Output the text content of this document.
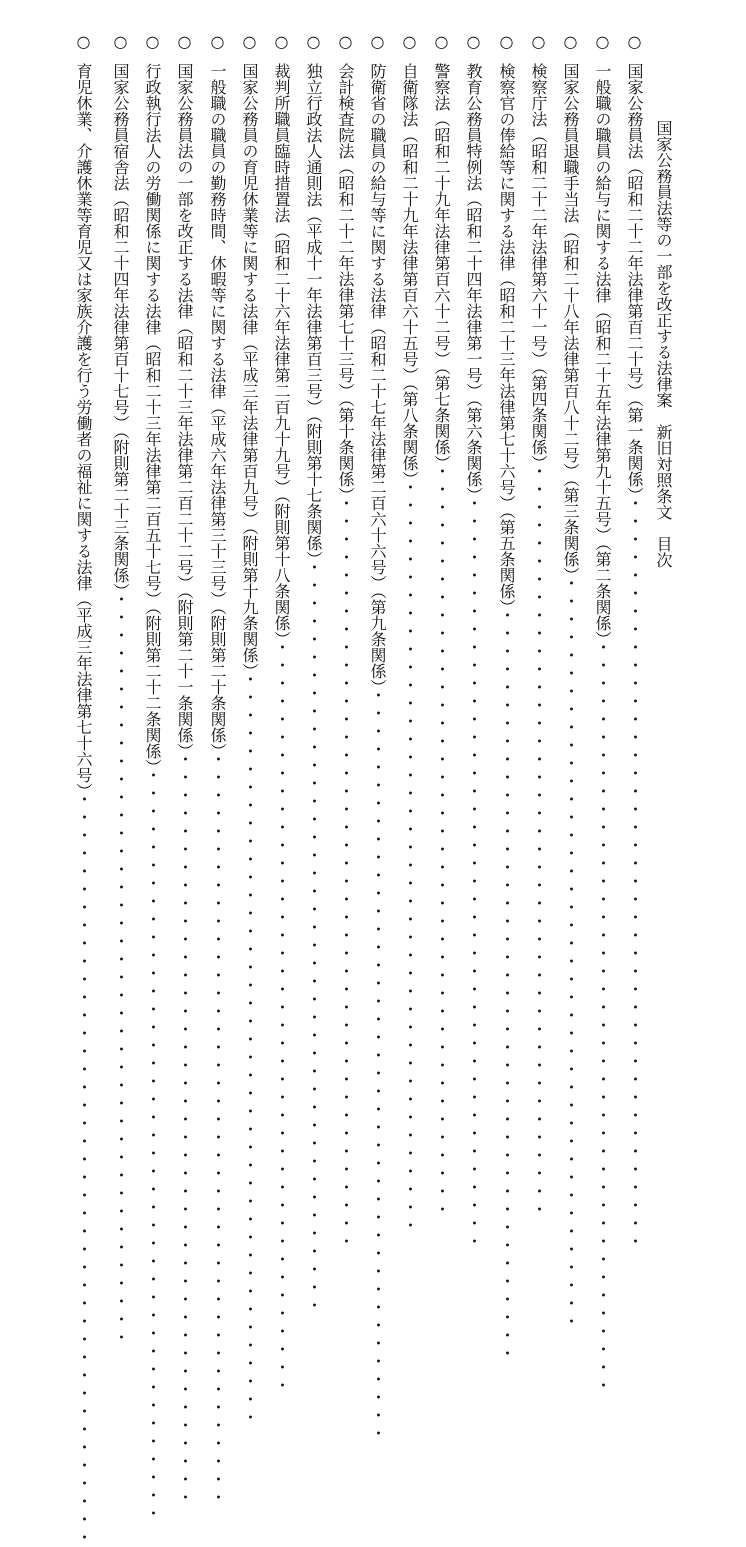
国家公務員法等の一部を改正する法律案　新旧対照条文　目次
○国家公務員法（昭和二十二年法律第百二十号）（第一条関係）・・・・・・・・・・・・・・・・・・・・・・・・・・・・・・・・・・・・・・・・・・
○一般職の職員の給与に関する法律（昭和二十五年法律第九十五号）（第二条関係）・・・・・・・・・・・・・・・・・・・・・・・・・・・・・・・・・・・・・・・・・・
○国家公務員退職手当法（昭和二十八年法律第百八十二号）（第三条関係）・・・・・・・・・・・・・・・・・・・・・・・・・・・・・・・・・・・・・・・・・・
○検察庁法（昭和二十二年法律第六十一号）（第四条関係）・・・・・・・・・・・・・・・・・・・・・・・・・・・・・・・・・・・・・・・・・・
○検察官の俸給等に関する法律（昭和二十三年法律第七十六号）（第五条関係）・・・・・・・・・・・・・・・・・・・・・・・・・・・・・・・・・・・・・・・・・・
○教育公務員特例法（昭和二十四年法律第一号）（第六条関係）・・・・・・・・・・・・・・・・・・・・・・・・・・・・・・・・・・・・・・・・・・
○警察法（昭和二十九年法律第百六十二号）（第七条関係）・・・・・・・・・・・・・・・・・・・・・・・・・・・・・・・・・・・・・・・・・・
○自衛隊法（昭和二十九年法律第百六十五号）（第八条関係）・・・・・・・・・・・・・・・・・・・・・・・・・・・・・・・・・・・・・・・・・・
○防衛省の職員の給与等に関する法律（昭和二十七年法律第二百六十六号）（第九条関係）・・・・・・・・・・・・・・・・・・・・・・・・・・・・・・・・・・・・・・・・・・
○会計検査院法（昭和二十二年法律第七十三号）（第十条関係）・・・・・・・・・・・・・・・・・・・・・・・・・・・・・・・・・・・・・・・・・・
○独立行政法人通則法（平成十一年法律第百三号）（附則第十七条関係）・・・・・・・・・・・・・・・・・・・・・・・・・・・・・・・・・・・・・・・・・・
○裁判所職員臨時措置法（昭和二十六年法律第二百九十九号）（附則第十八条関係）・・・・・・・・・・・・・・・・・・・・・・・・・・・・・・・・・・・・・・・・・・
○国家公務員の育児休業等に関する法律（平成三年法律第百九号）（附則第十九条関係）・・・・・・・・・・・・・・・・・・・・・・・・・・・・・・・・・・・・・・・・・・
○一般職の職員の勤務時間、休暇等に関する法律（平成六年法律第三十三号）（附則第二十条関係）・・・・・・・・・・・・・・・・・・・・・・・・・・・・・・・・・・・・・・・・・・
○国家公務員法の一部を改正する法律（昭和二十三年法律第二百二十二号）（附則第二十一条関係）・・・・・・・・・・・・・・・・・・・・・・・・・・・・・・・・・・・・・・・・・・
○行政執行法人の労働関係に関する法律（昭和二十三年法律第二百五十七号）（附則第二十二条関係）・・・・・・・・・・・・・・・・・・・・・・・・・・・・・・・・・・・・・・・・・・
○国家公務員宿舎法（昭和二十四年法律第百十七号）（附則第二十三条関係）・・・・・・・・・・・・・・・・・・・・・・・・・・・・・・・・・・・・・・・・・・
○育児休業、介護休業等育児又は家族介護を行う労働者の福祉に関する法律（平成三年法律第七十六号）・・・・・・・・・・・・・・・・・・・・・・・・・・・・・・・・・・・・・・・・・・
